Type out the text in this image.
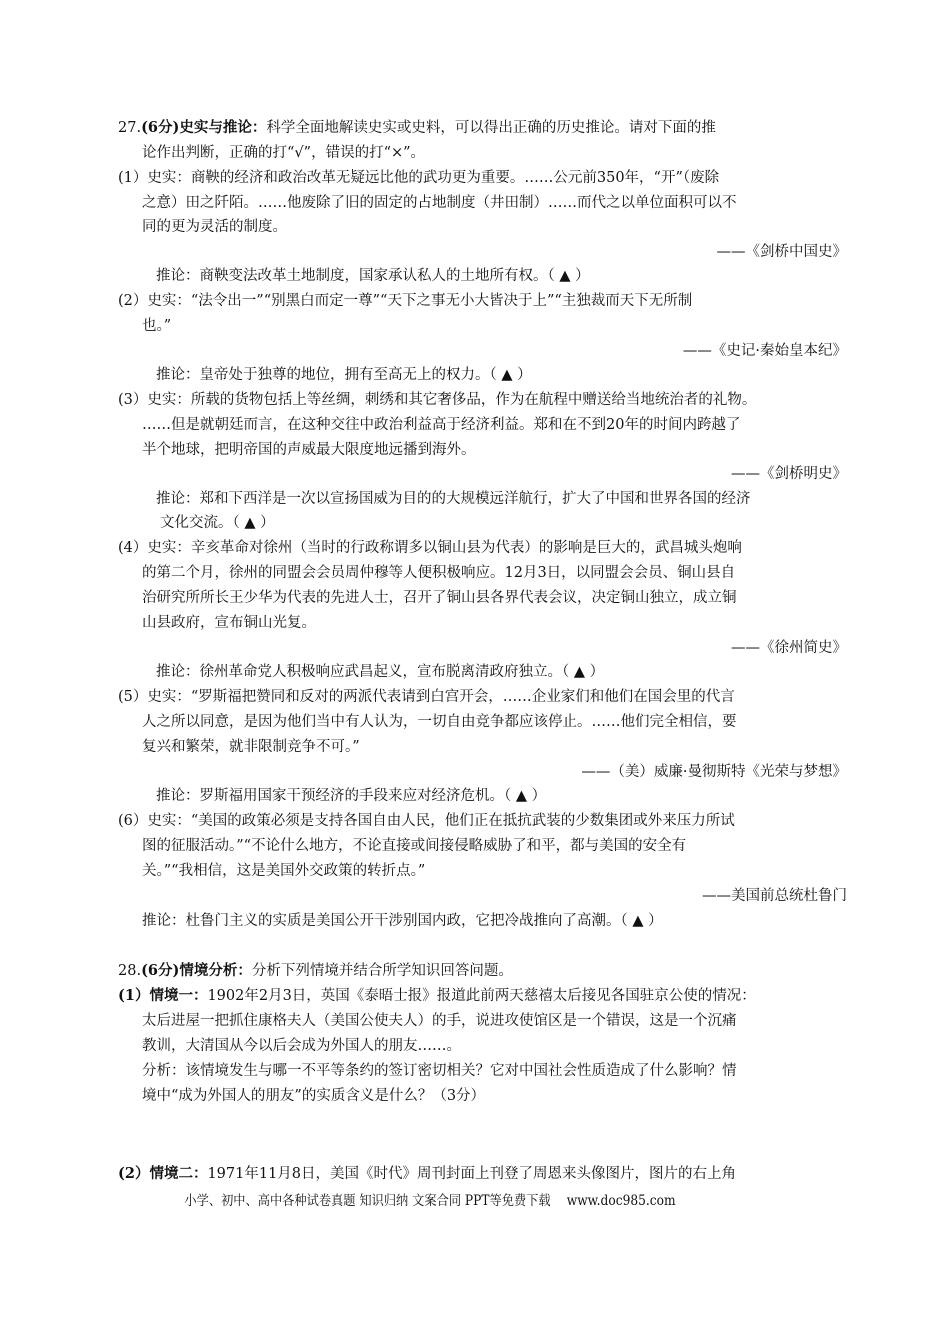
27.(6分)史实与推论：科学全面地解读史实或史料，可以得出正确的历史推论。请对下面的推
论作出判断，正确的打“√”，错误的打“×”。
(1）史实：商鞅的经济和政治改革无疑远比他的武功更为重要。……公元前350年，“开”（废除
之意）田之阡陌。……他废除了旧的固定的占地制度（井田制）……而代之以单位面积可以不
同的更为灵活的制度。
——《剑桥中国史》
推论：商鞅变法改革土地制度，国家承认私人的土地所有权。（ ▲ ）
(2）史实：“法令出一”“别黑白而定一尊”“天下之事无小大皆决于上”“主独裁而天下无所制
也。”
——《史记·秦始皇本纪》
推论：皇帝处于独尊的地位，拥有至高无上的权力。（ ▲ ）
(3）史实：所载的货物包括上等丝绸，刺绣和其它奢侈品，作为在航程中赠送给当地统治者的礼物。
……但是就朝廷而言，在这种交往中政治利益高于经济利益。郑和在不到20年的时间内跨越了
半个地球，把明帝国的声威最大限度地远播到海外。
——《剑桥明史》
推论：郑和下西洋是一次以宣扬国威为目的的大规模远洋航行，扩大了中国和世界各国的经济
文化交流。（ ▲ ）
(4）史实：辛亥革命对徐州（当时的行政称谓多以铜山县为代表）的影响是巨大的，武昌城头炮响
的第二个月，徐州的同盟会会员周仲穆等人便积极响应。12月3日，以同盟会会员、铜山县自
治研究所所长王少华为代表的先进人士，召开了铜山县各界代表会议，决定铜山独立，成立铜
山县政府，宣布铜山光复。
——《徐州简史》
推论：徐州革命党人积极响应武昌起义，宣布脱离清政府独立。（ ▲ ）
(5）史实：“罗斯福把赞同和反对的两派代表请到白宫开会，……企业家们和他们在国会里的代言
人之所以同意，是因为他们当中有人认为，一切自由竞争都应该停止。……他们完全相信，要
复兴和繁荣，就非限制竞争不可。”
——（美）威廉·曼彻斯特《光荣与梦想》
推论：罗斯福用国家干预经济的手段来应对经济危机。（ ▲ ）
(6）史实：“美国的政策必须是支持各国自由人民，他们正在抵抗武装的少数集团或外来压力所试
图的征服活动。”“不论什么地方，不论直接或间接侵略威胁了和平，都与美国的安全有
关。”“我相信，这是美国外交政策的转折点。”
——美国前总统杜鲁门
推论：杜鲁门主义的实质是美国公开干涉别国内政，它把冷战推向了高潮。（ ▲ ）
28.(6分)情境分析：分析下列情境并结合所学知识回答问题。
(1）情境一：1902年2月3日，英国《泰晤士报》报道此前两天慈禧太后接见各国驻京公使的情况：
太后进屋一把抓住康格夫人（美国公使夫人）的手，说进攻使馆区是一个错误，这是一个沉痛
教训，大清国从今以后会成为外国人的朋友……。
分析：该情境发生与哪一不平等条约的签订密切相关？它对中国社会性质造成了什么影响？情
境中“成为外国人的朋友”的实质含义是什么？（3分）
(2）情境二：1971年11月8日，美国《时代》周刊封面上刊登了周恩来头像图片，图片的右上角
小学、初中、高中各种试卷真题 知识归纳 文案合同 PPT等免费下载　 www.doc985.com
